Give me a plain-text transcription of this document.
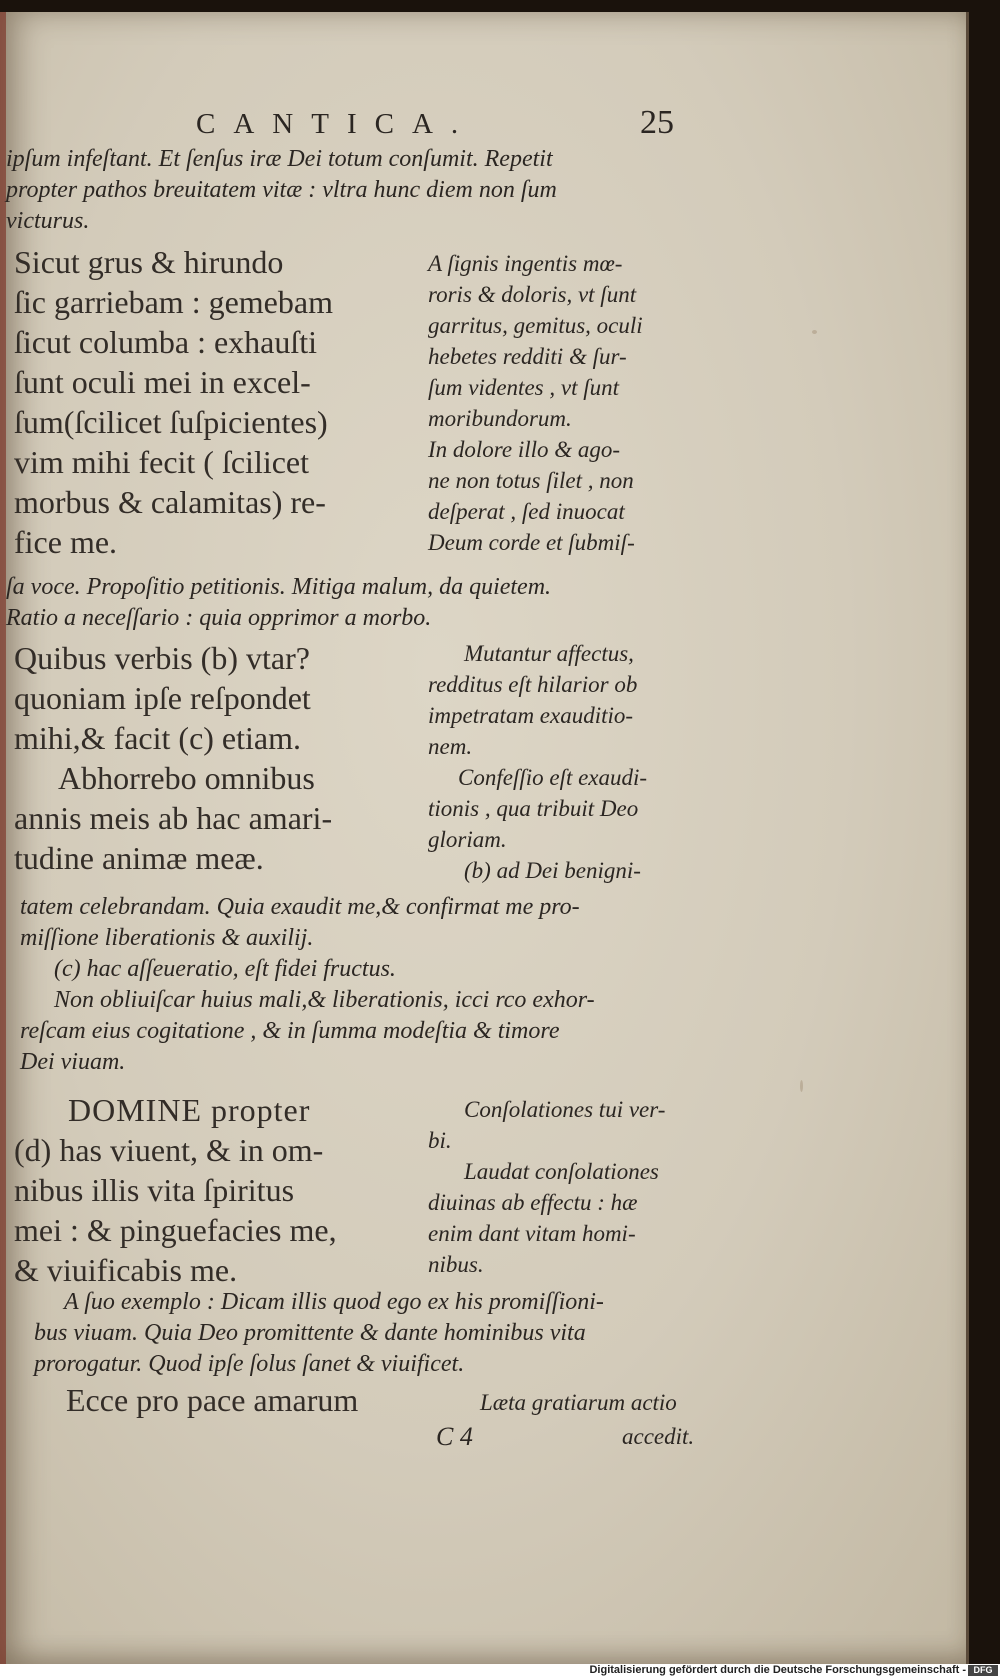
CANTICA.	25
ipſum infeſtant. Et ſenſus iræ Dei totum conſumit. Repetit
propter pathos breuitatem vitæ : vltra hunc diem non ſum
victurus.
Sicut grus & hirundo
ſic garriebam : gemebam
ſicut columba : exhauſti
ſunt oculi mei in excel-
ſum(ſcilicet ſuſpicientes)
vim mihi fecit ( ſcilicet
morbus & calamitas) re-
fice me.
A ſignis ingentis mœ-
roris & doloris, vt ſunt
garritus, gemitus, oculi
hebetes redditi & ſur-
ſum videntes , vt ſunt
moribundorum.
In dolore illo & ago-
ne non totus ſilet , non
deſperat , ſed inuocat
Deum corde et ſubmiſ-
ſa voce. Propoſitio petitionis. Mitiga malum, da quietem.
Ratio a neceſſario : quia opprimor a morbo.
Quibus verbis (b) vtar?
quoniam ipſe reſpondet
mihi,& facit (c) etiam.
Abhorrebo omnibus
annis meis ab hac amari-
tudine animæ meæ.
Mutantur affectus,
redditus eſt hilarior ob
impetratam exauditio-
nem.
Confeſſio eſt exaudi-
tionis , qua tribuit Deo
gloriam.
(b) ad Dei benigni-
tatem celebrandam. Quia exaudit me,& confirmat me pro-
miſſione liberationis & auxilij.
(c) hac aſſeueratio, eſt fidei fructus.
Non obliuiſcar huius mali,& liberationis, icci rco exhor-
reſcam eius cogitatione , & in ſumma modeſtia & timore
Dei viuam.
DOMINE propter
(d) has viuent, & in om-
nibus illis vita ſpiritus
mei : & pinguefacies me,
& viuificabis me.
Conſolationes tui ver-
bi.
Laudat conſolationes
diuinas ab effectu : hæ
enim dant vitam homi-
nibus.
A ſuo exemplo : Dicam illis quod ego ex his promiſſioni-
bus viuam. Quia Deo promittente & dante hominibus vita
prorogatur. Quod ipſe ſolus ſanet & viuificet.
Ecce pro pace amarum	Læta gratiarum actio
C 4	accedit.
Digitalisierung gefördert durch die Deutsche Forschungsgemeinschaft - DFG
